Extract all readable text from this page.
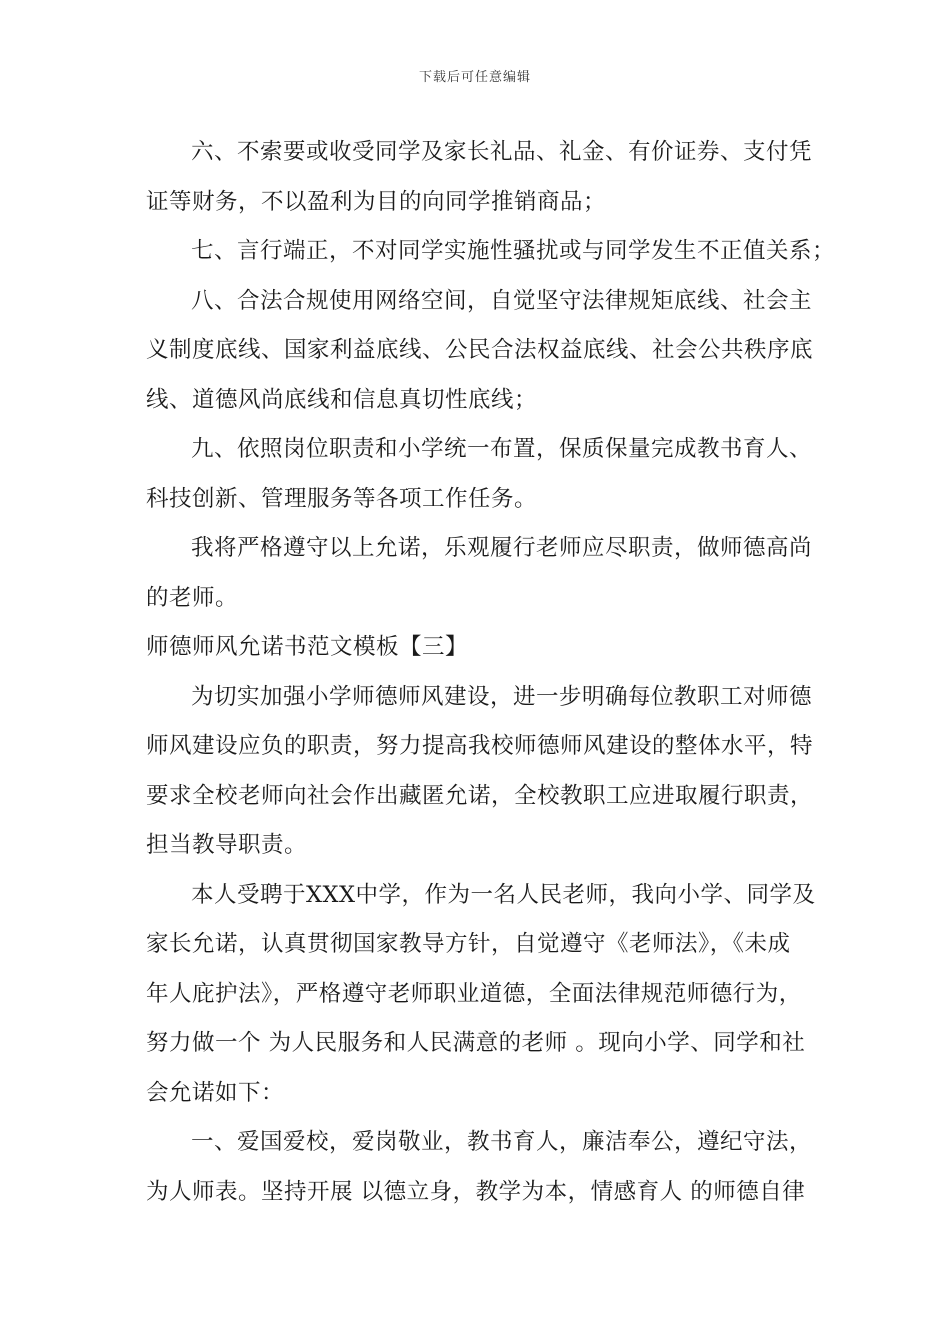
下载后可任意编辑
六、不索要或收受同学及家长礼品、礼金、有价证券、支付凭
证等财务，不以盈利为目的向同学推销商品；
七、言行端正，不对同学实施性骚扰或与同学发生不正值关系；
八、合法合规使用网络空间，自觉坚守法律规矩底线、社会主
义制度底线、国家利益底线、公民合法权益底线、社会公共秩序底
线、道德风尚底线和信息真切性底线；
九、依照岗位职责和小学统一布置，保质保量完成教书育人、
科技创新、管理服务等各项工作任务。
我将严格遵守以上允诺，乐观履行老师应尽职责，做师德高尚
的老师。
师德师风允诺书范文模板【三】
为切实加强小学师德师风建设，进一步明确每位教职工对师德
师风建设应负的职责，努力提高我校师德师风建设的整体水平，特
要求全校老师向社会作出藏匿允诺，全校教职工应进取履行职责，
担当教导职责。
本人受聘于XXX中学，作为一名人民老师，我向小学、同学及
家长允诺，认真贯彻国家教导方针，自觉遵守《老师法》，《未成
年人庇护法》，严格遵守老师职业道德，全面法律规范师德行为，
努力做一个 为人民服务和人民满意的老师 。现向小学、同学和社
会允诺如下：
一、爱国爱校，爱岗敬业，教书育人，廉洁奉公，遵纪守法，
为人师表。坚持开展 以德立身，教学为本，情感育人 的师德自律
